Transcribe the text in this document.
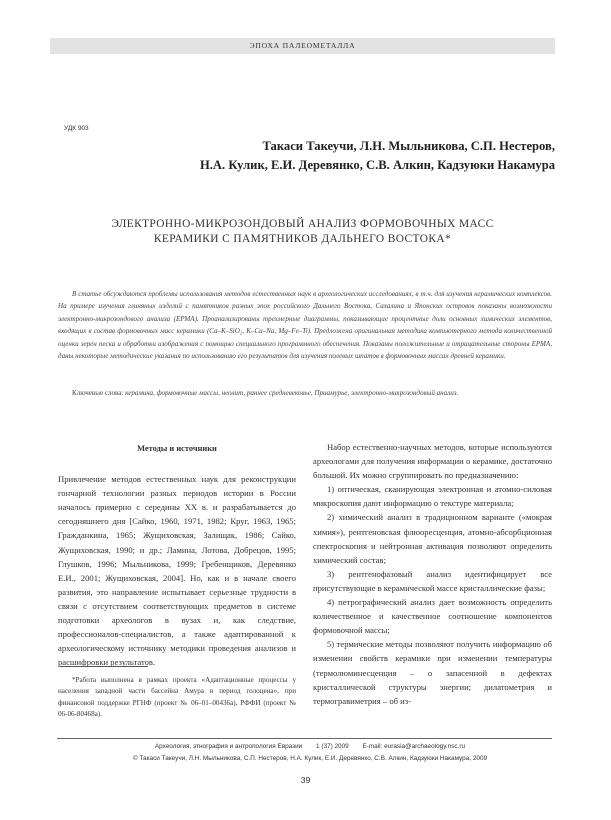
ЭПОХА ПАЛЕОМЕТАЛЛА
УДК 903
Такаси Такеучи, Л.Н. Мыльникова, С.П. Нестеров,
Н.А. Кулик, Е.И. Деревянко, С.В. Алкин, Кадзуюки Накамура
ЭЛЕКТРОННО-МИКРОЗОНДОВЫЙ АНАЛИЗ ФОРМОВОЧНЫХ МАСС
КЕРАМИКИ С ПАМЯТНИКОВ ДАЛЬНЕГО ВОСТОКА*

В статье обсуждаются проблемы использования методов естественных наук в археологических исследованиях, в т.ч. для изучения керамических комплексов. На примере изучения глиняных изделий с памятников разных эпох российского Дальнего Востока, Сахалина и Японских островов показаны возможности электронно-микрозондового анализа (ЕРМА). Проанализированы трехмерные диаграммы, показывающие процентные доли основных химических элементов, входящих в состав формовочных масс керамики (Ca–K–SiO₂, K–Ca–Na, Mg–Fe–Ti). Предложена оригинальная методика компьютерного метода количественной оценки зерен песка и обработки изображения с помощью специального программного обеспечения. Показаны положительные и отрицательные стороны ЕРМА, даны некоторые методические указания по использованию его результатов для изучения полевых шпатов в формовочных массах древней керамики.

Ключевые слова: керамика, формовочные массы, неолит, раннее средневековье, Приамурье, электронно-микрозондовый анализ.

Методы и источники

Привлечение методов естественных наук для реконструкции гончарной технологии разных периодов истории в России началось примерно с середины XX в. и разрабатывается до сегодняшнего дня [Сайко, 1960, 1971, 1982; Круг, 1963, 1965; Гражданкина, 1965; Жущиховская, Залищак, 1986; Сайко, Жущиховская, 1990; и др.; Ламина, Лотова, Добрецов, 1995; Глушков, 1996; Мыльникова, 1999; Гребенщиков, Деревянко Е.И., 2001; Жущиховская, 2004]. Но, как и в начале своего развития, это направление испытывает серьезные трудности в связи с отсутствием соответствующих предметов в системе подготовки археологов в вузах и, как следствие, профессионалов-специалистов, а также адаптированной к археологическому источнику методики проведения анализов и расшифровки результатов.

Набор естественно-научных методов, которые используются археологами для получения информации о керамике, достаточно большой. Их можно сгруппировать по предназначению:

1) оптическая, сканирующая электронная и атомно-силовая микроскопия дают информацию о текстуре материала;

2) химический анализ в традиционном варианте («мокрая химия»), рентгеновская флюоресценция, атомно-абсорбционная спектроскопия и нейтронная активация позволяют определить химический состав;

3) рентгенофазовый анализ идентифицирует все присутствующие в керамической массе кристаллические фазы;

4) петрографический анализ дает возможность определить количественное и качественное соотношение компонентов формовочной массы;

5) термические методы позволяют получить информацию об изменении свойств керамики при изменении температуры (термолюминесценция – о запасенной в дефектах кристаллической структуры энергии; дилатометрия и термогравиметрия – об из-

*Работа выполнена в рамках проекта «Адаптационные процессы у населения западной части бассейна Амура в период голоцена», при финансовой поддержке РГНФ (проект № 06–01–00436а), РФФИ (проект № 06-06-80468а).

Археология, этнография и антропология Евразии 1 (37) 2009 E-mail: eurasia@archaeology.nsc.ru
© Такаси Такеучи, Л.Н. Мыльникова, С.П. Нестеров, Н.А. Кулик, Е.И. Деревянко, С.В. Алкин, Кадзуюки Накамура, 2009
39
